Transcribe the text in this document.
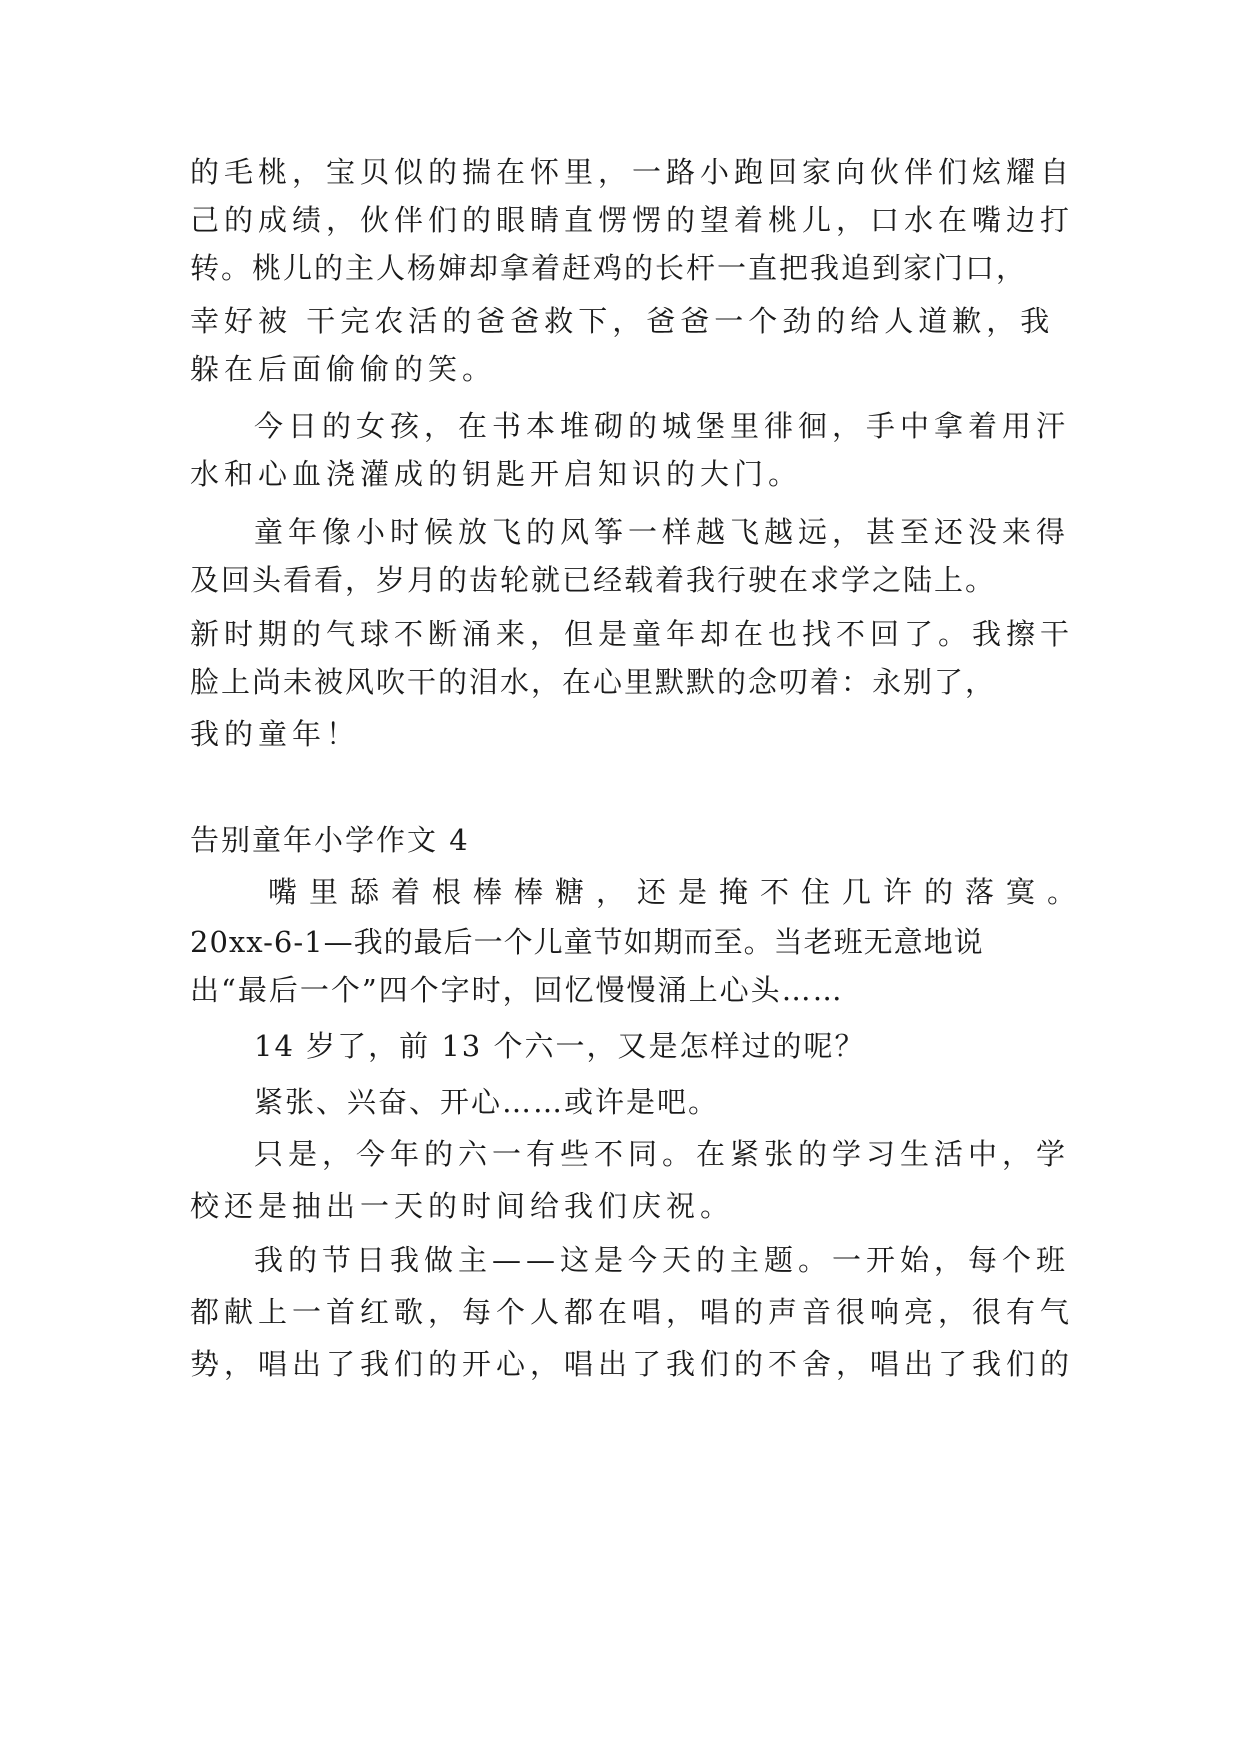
的毛桃，宝贝似的揣在怀里，一路小跑回家向伙伴们炫耀自
己的成绩，伙伴们的眼睛直愣愣的望着桃儿，口水在嘴边打
转。桃儿的主人杨婶却拿着赶鸡的长杆一直把我追到家门口，
幸好被 干完农活的爸爸救下，爸爸一个劲的给人道歉，我
躲在后面偷偷的笑。
今日的女孩，在书本堆砌的城堡里徘徊，手中拿着用汗
水和心血浇灌成的钥匙开启知识的大门。
童年像小时候放飞的风筝一样越飞越远，甚至还没来得
及回头看看，岁月的齿轮就已经载着我行驶在求学之陆上。
新时期的气球不断涌来，但是童年却在也找不回了。我擦干
脸上尚未被风吹干的泪水，在心里默默的念叨着：永别了，
我的童年！
告别童年小学作文 4
嘴里舔着根棒棒糖，还是掩不住几许的落寞。
20xx-6-1—我的最后一个儿童节如期而至。当老班无意地说
出“最后一个”四个字时，回忆慢慢涌上心头……
14 岁了，前 13 个六一，又是怎样过的呢？
紧张、兴奋、开心……或许是吧。
只是，今年的六一有些不同。在紧张的学习生活中，学
校还是抽出一天的时间给我们庆祝。
我的节日我做主——这是今天的主题。一开始，每个班
都献上一首红歌，每个人都在唱，唱的声音很响亮，很有气
势，唱出了我们的开心，唱出了我们的不舍，唱出了我们的
